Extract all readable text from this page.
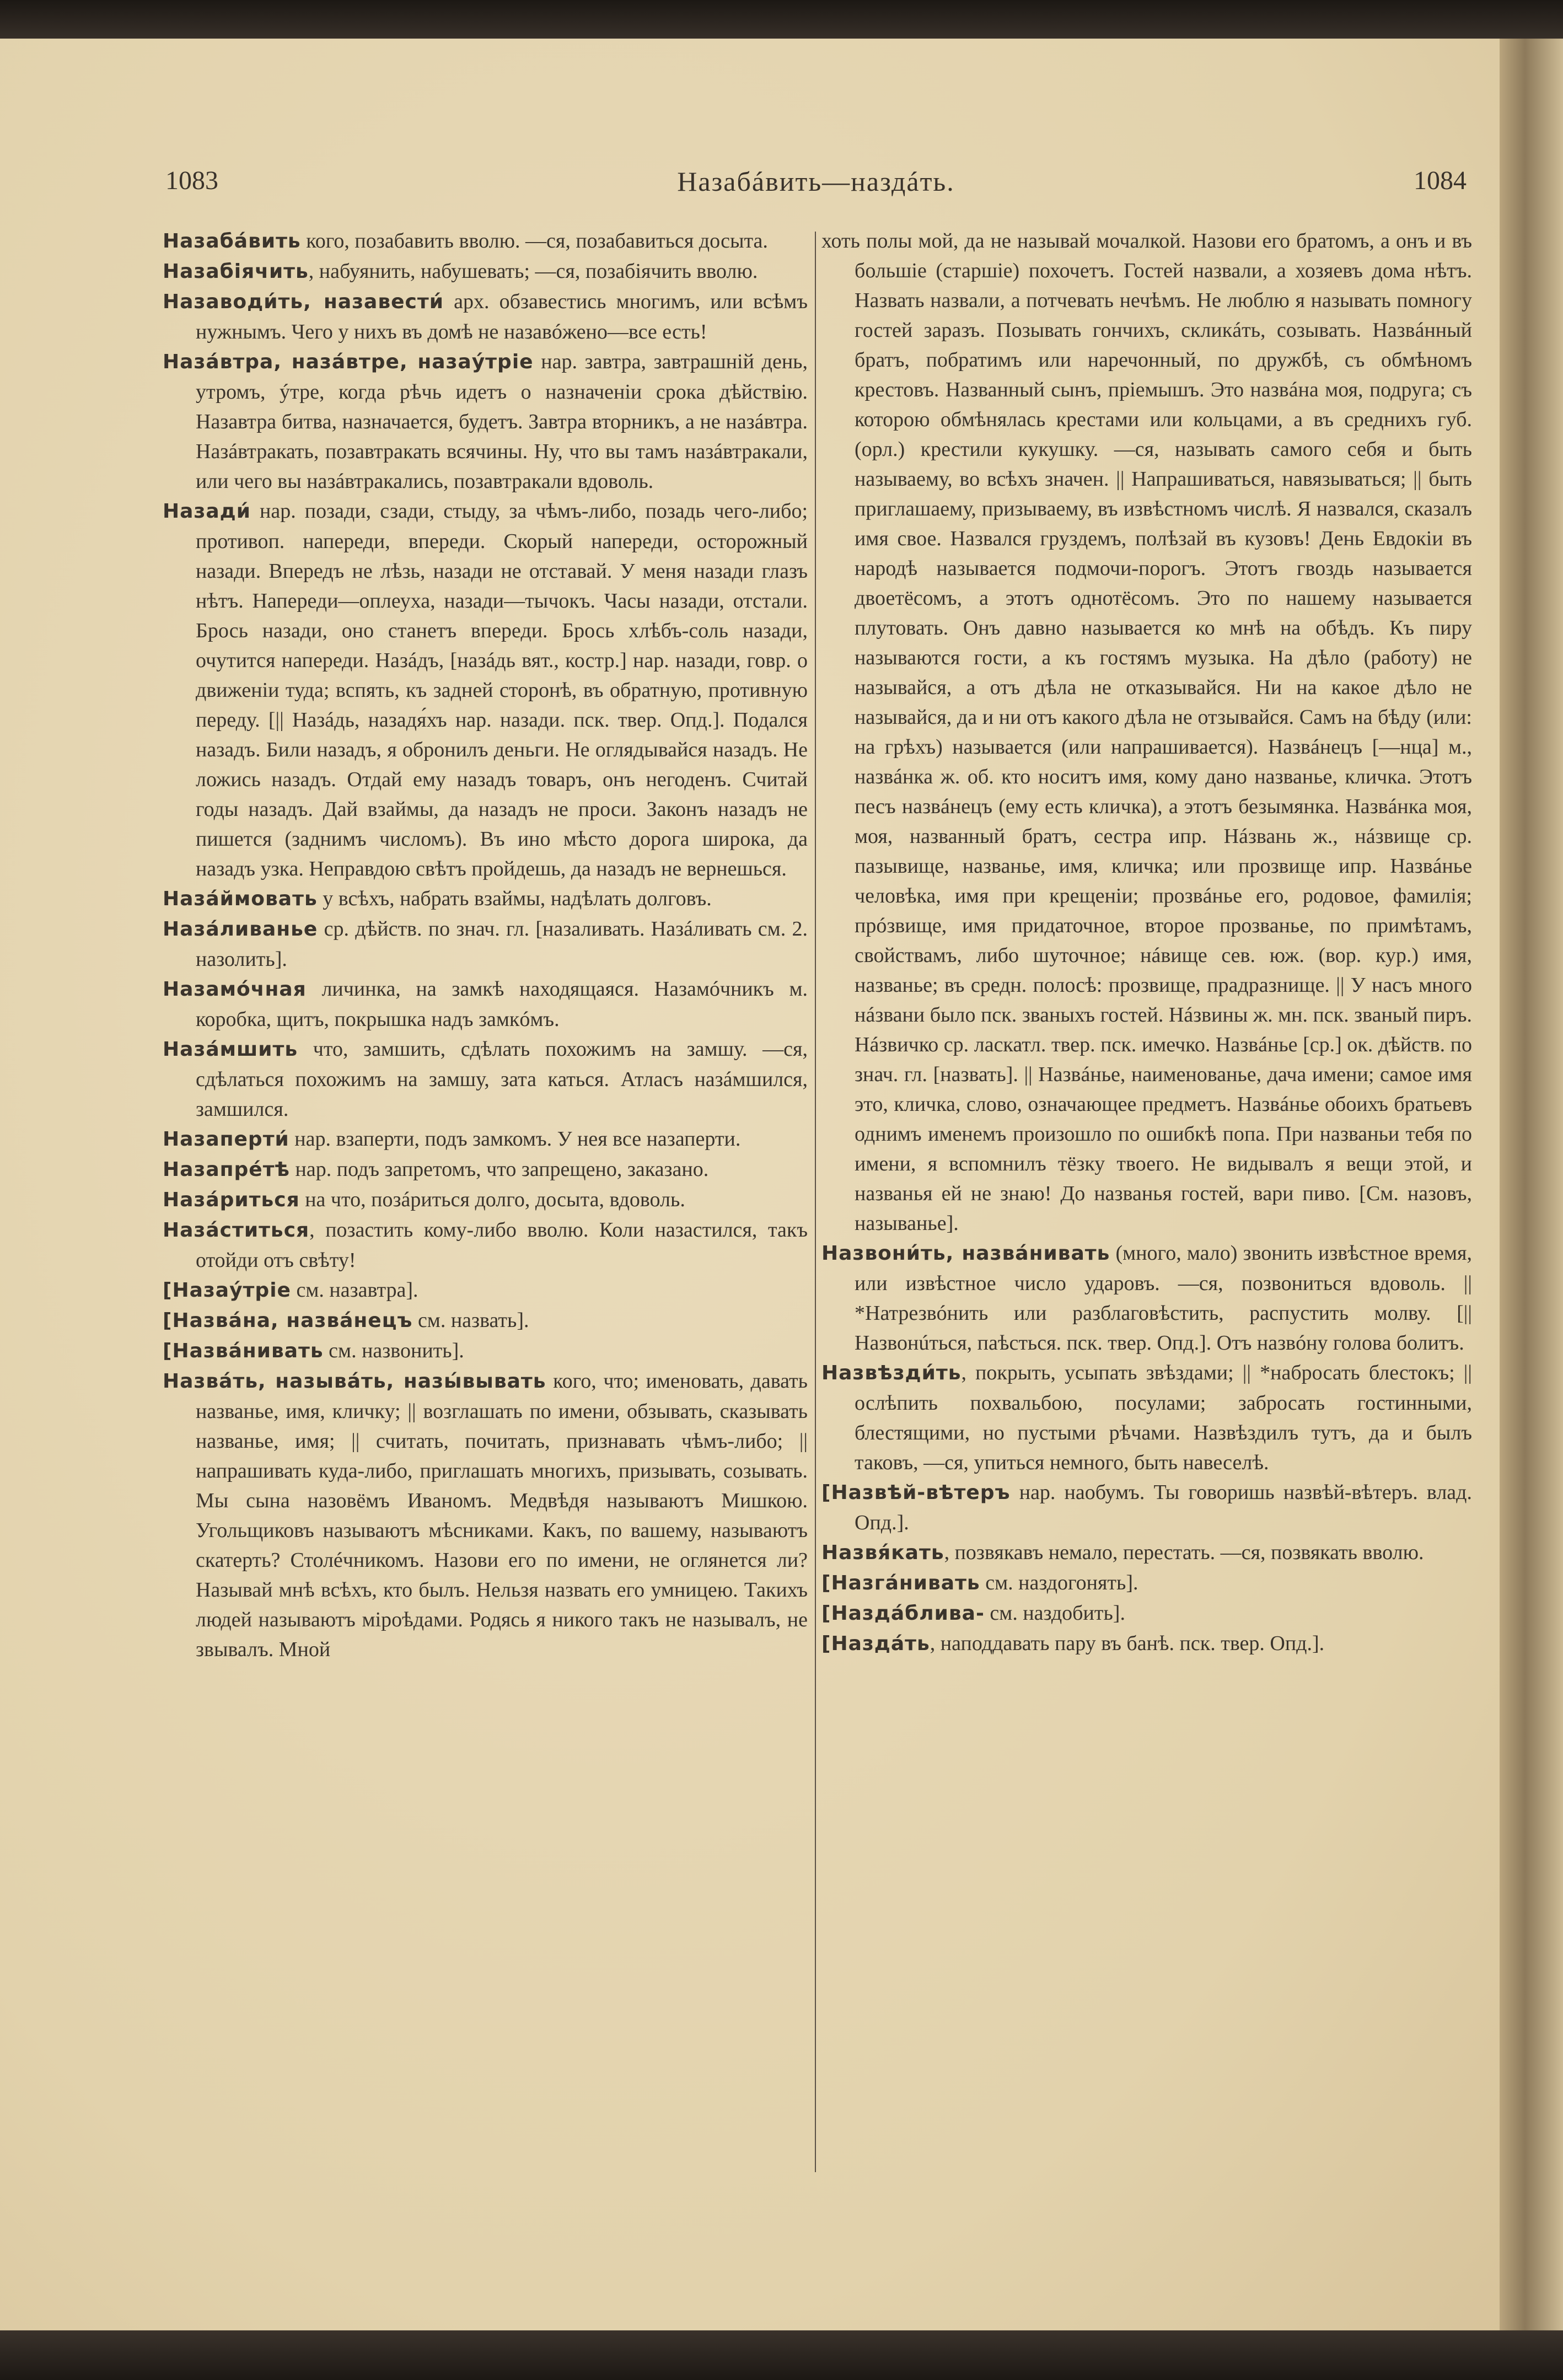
1083	Назабáвить—наздáть.	1084

Назабáвить кого, позабавить вволю. —ся, позабавиться досыта.

Назабiячить, набуянить, набушевать; —ся, позабiячить вволю.

Назаводи́ть, назавести́ арх. обзавестись многимъ, или всѣмъ нужнымъ. Чего у нихъ въ домѣ не назавóжено—все есть!

Назáвтра, назáвтре, назаýтрiе нар. завтра, завтрашнiй день, утромъ, ýтре, когда рѣчь идетъ о назначенiи срока дѣйствiю. Назавтра битва, назначается, будетъ. Завтра вторникъ, а не назáвтра. Назáвтракать, позавтракать всячины. Ну, что вы тамъ назáвтракали, или чего вы назáвтракались, позавтракали вдоволь.

Назади́ нар. позади, сзади, стыду, за чѣмъ-либо, позадь чего-либо; противоп. напереди, впереди. Скорый напереди, осторожный назади. Впередъ не лѣзь, назади не отставай. У меня назади глазъ нѣтъ. Напереди—оплеуха, назади—тычокъ. Часы назади, отстали. Брось назади, оно станетъ впереди. Брось хлѣбъ-соль назади, очутится напереди. Назáдъ, [назáдь вят., костр.] нар. назади, говр. о движенiи туда; вспять, къ задней сторонѣ, въ обратную, противную переду. [|| Назáдь, назадя́хъ нар. назади. пск. твер. Опд.]. Подался назадъ. Били назадъ, я обронилъ деньги. Не оглядывайся назадъ. Не ложись назадъ. Отдай ему назадъ товаръ, онъ негоденъ. Считай годы назадъ. Дай взаймы, да назадъ не проси. Законъ назадъ не пишется (заднимъ числомъ). Въ ино мѣсто дорога широка, да назадъ узка. Неправдою свѣтъ пройдешь, да назадъ не вернешься.

Назáймовать у всѣхъ, набрать взаймы, надѣлать долговъ.

Назáливанье ср. дѣйств. по знач. гл. [назаливать. Назáливать см. 2. назолить].

Назамóчная личинка, на замкѣ находящаяся. Назамóчникъ м. коробка, щитъ, покрышка надъ замкóмъ.

Назáмшить что, замшить, сдѣлать похожимъ на замшу. —ся, сдѣлаться похожимъ на замшу, зата каться. Атласъ назáмшился, замшился.

Назаперти́ нар. взаперти, подъ замкомъ. У нея все назаперти.

Назапрéтѣ нар. подъ запретомъ, что запрещено, заказано.

Назáриться на что, позáриться долго, досыта, вдоволь.

Назáститься, позастить кому-либо вволю. Коли назастился, такъ отойди отъ свѣту!

[Назаýтрiе см. назавтра].

[Назвáна, назвáнецъ см. назвать].

[Назвáнивать см. назвонить].

Назвáть, называ́ть, назы́вывать кого, что; именовать, давать названье, имя, кличку; || возглашать по имени, обзывать, сказывать названье, имя; || считать, почитать, признавать чѣмъ-либо; || напрашивать куда-либо, приглашать многихъ, призывать, созывать. Мы сына назовёмъ Иваномъ. Медвѣдя называютъ Мишкою. Угольщиковъ называютъ мѣсниками. Какъ, по вашему, называютъ скатерть? Столéчникомъ. Назови его по имени, не оглянется ли? Называй мнѣ всѣхъ, кто былъ. Нельзя назвать его умницею. Такихъ людей называютъ мiроѣдами. Родясь я никого такъ не называлъ, не звывалъ. Мной

хоть полы мой, да не называй мочалкой. Назови его братомъ, а онъ и въ большiе (старшiе) похочетъ. Гостей назвали, а хозяевъ дома нѣтъ. Назвать назвали, а потчевать нечѣмъ. Не люблю я называть помногу гостей заразъ. Позывать гончихъ, скликáть, созывать. Назвáнный братъ, побратимъ или наречонный, по дружбѣ, съ обмѣномъ крестовъ. Названный сынъ, прiемышъ. Это назвáна моя, подруга; съ которою обмѣнялась крестами или кольцами, а въ среднихъ губ. (орл.) крестили кукушку. —ся, называть самого себя и быть называему, во всѣхъ значен. || Напрашиваться, навязываться; || быть приглашаему, призываему, въ извѣстномъ числѣ. Я назвался, сказалъ имя свое. Назвался груздемъ, полѣзай въ кузовъ! День Евдокiи въ народѣ называется подмочи-порогъ. Этотъ гвоздь называется двоетёсомъ, а этотъ однотёсомъ. Это по нашему называется плутовать. Онъ давно называется ко мнѣ на обѣдъ. Къ пиру называются гости, а къ гостямъ музыка. На дѣло (работу) не называйся, а отъ дѣла не отказывайся. Ни на какое дѣло не называйся, да и ни отъ какого дѣла не отзывайся. Самъ на бѣду (или: на грѣхъ) называется (или напрашивается). Назвáнецъ [—нца] м., назвáнка ж. об. кто носитъ имя, кому дано названье, кличка. Этотъ песъ назвáнецъ (ему есть кличка), а этотъ безымянка. Назвáнка моя, моя, названный братъ, сестра ипр. Нáзвань ж., нáзвище ср. пазывище, названье, имя, кличка; или прозвище ипр. Назвáнье человѣка, имя при крещенiи; прозвáнье его, родовое, фамилiя; прóзвище, имя придаточное, второе прозванье, по примѣтамъ, свойствамъ, либо шуточное; нáвище сев. юж. (вор. кур.) имя, названье; въ средн. полосѣ: прозвище, прадразнище. || У насъ много нáзвани было пск. званыхъ гостей. Нáзвины ж. мн. пск. званый пиръ. Нáзвичко ср. ласкатл. твер. пск. имечко. Назвáнье [ср.] ок. дѣйств. по знач. гл. [назвать]. || Назвáнье, наименованье, дача имени; самое имя это, кличка, слово, означающее предметъ. Назвáнье обоихъ братьевъ однимъ именемъ произошло по ошибкѣ попа. При названьи тебя по имени, я вспомнилъ тёзку твоего. Не видывалъ я вещи этой, и названья ей не знаю! До названья гостей, вари пиво. [См. назовъ, называнье].

Назвони́ть, назвáнивать (много, мало) звонить извѣстное время, или извѣстное число ударовъ. —ся, позвониться вдоволь. || *Натрезвóнить или разблаговѣстить, распустить молву. [|| Назвонúться, паѣсться. пск. твер. Опд.]. Отъ назвóну голова болитъ.

Назвѣзди́ть, покрыть, усыпать звѣздами; || *набросать блестокъ; || ослѣпить похвальбою, посулами; забросать гостинными, блестящими, но пустыми рѣчами. Назвѣздилъ тутъ, да и былъ таковъ, —ся, упиться немного, быть навеселѣ.

[Назвѣй-вѣтеръ нар. наобумъ. Ты говоришь назвѣй-вѣтеръ. влад. Опд.].

Назвя́кать, позвякавъ немало, перестать. —ся, позвякать вволю.

[Назгáнивать см. наздогонять].

[Наздáблива- см. наздобить].

[Наздáть, наподдавать пару въ банѣ. пск. твер. Опд.].
